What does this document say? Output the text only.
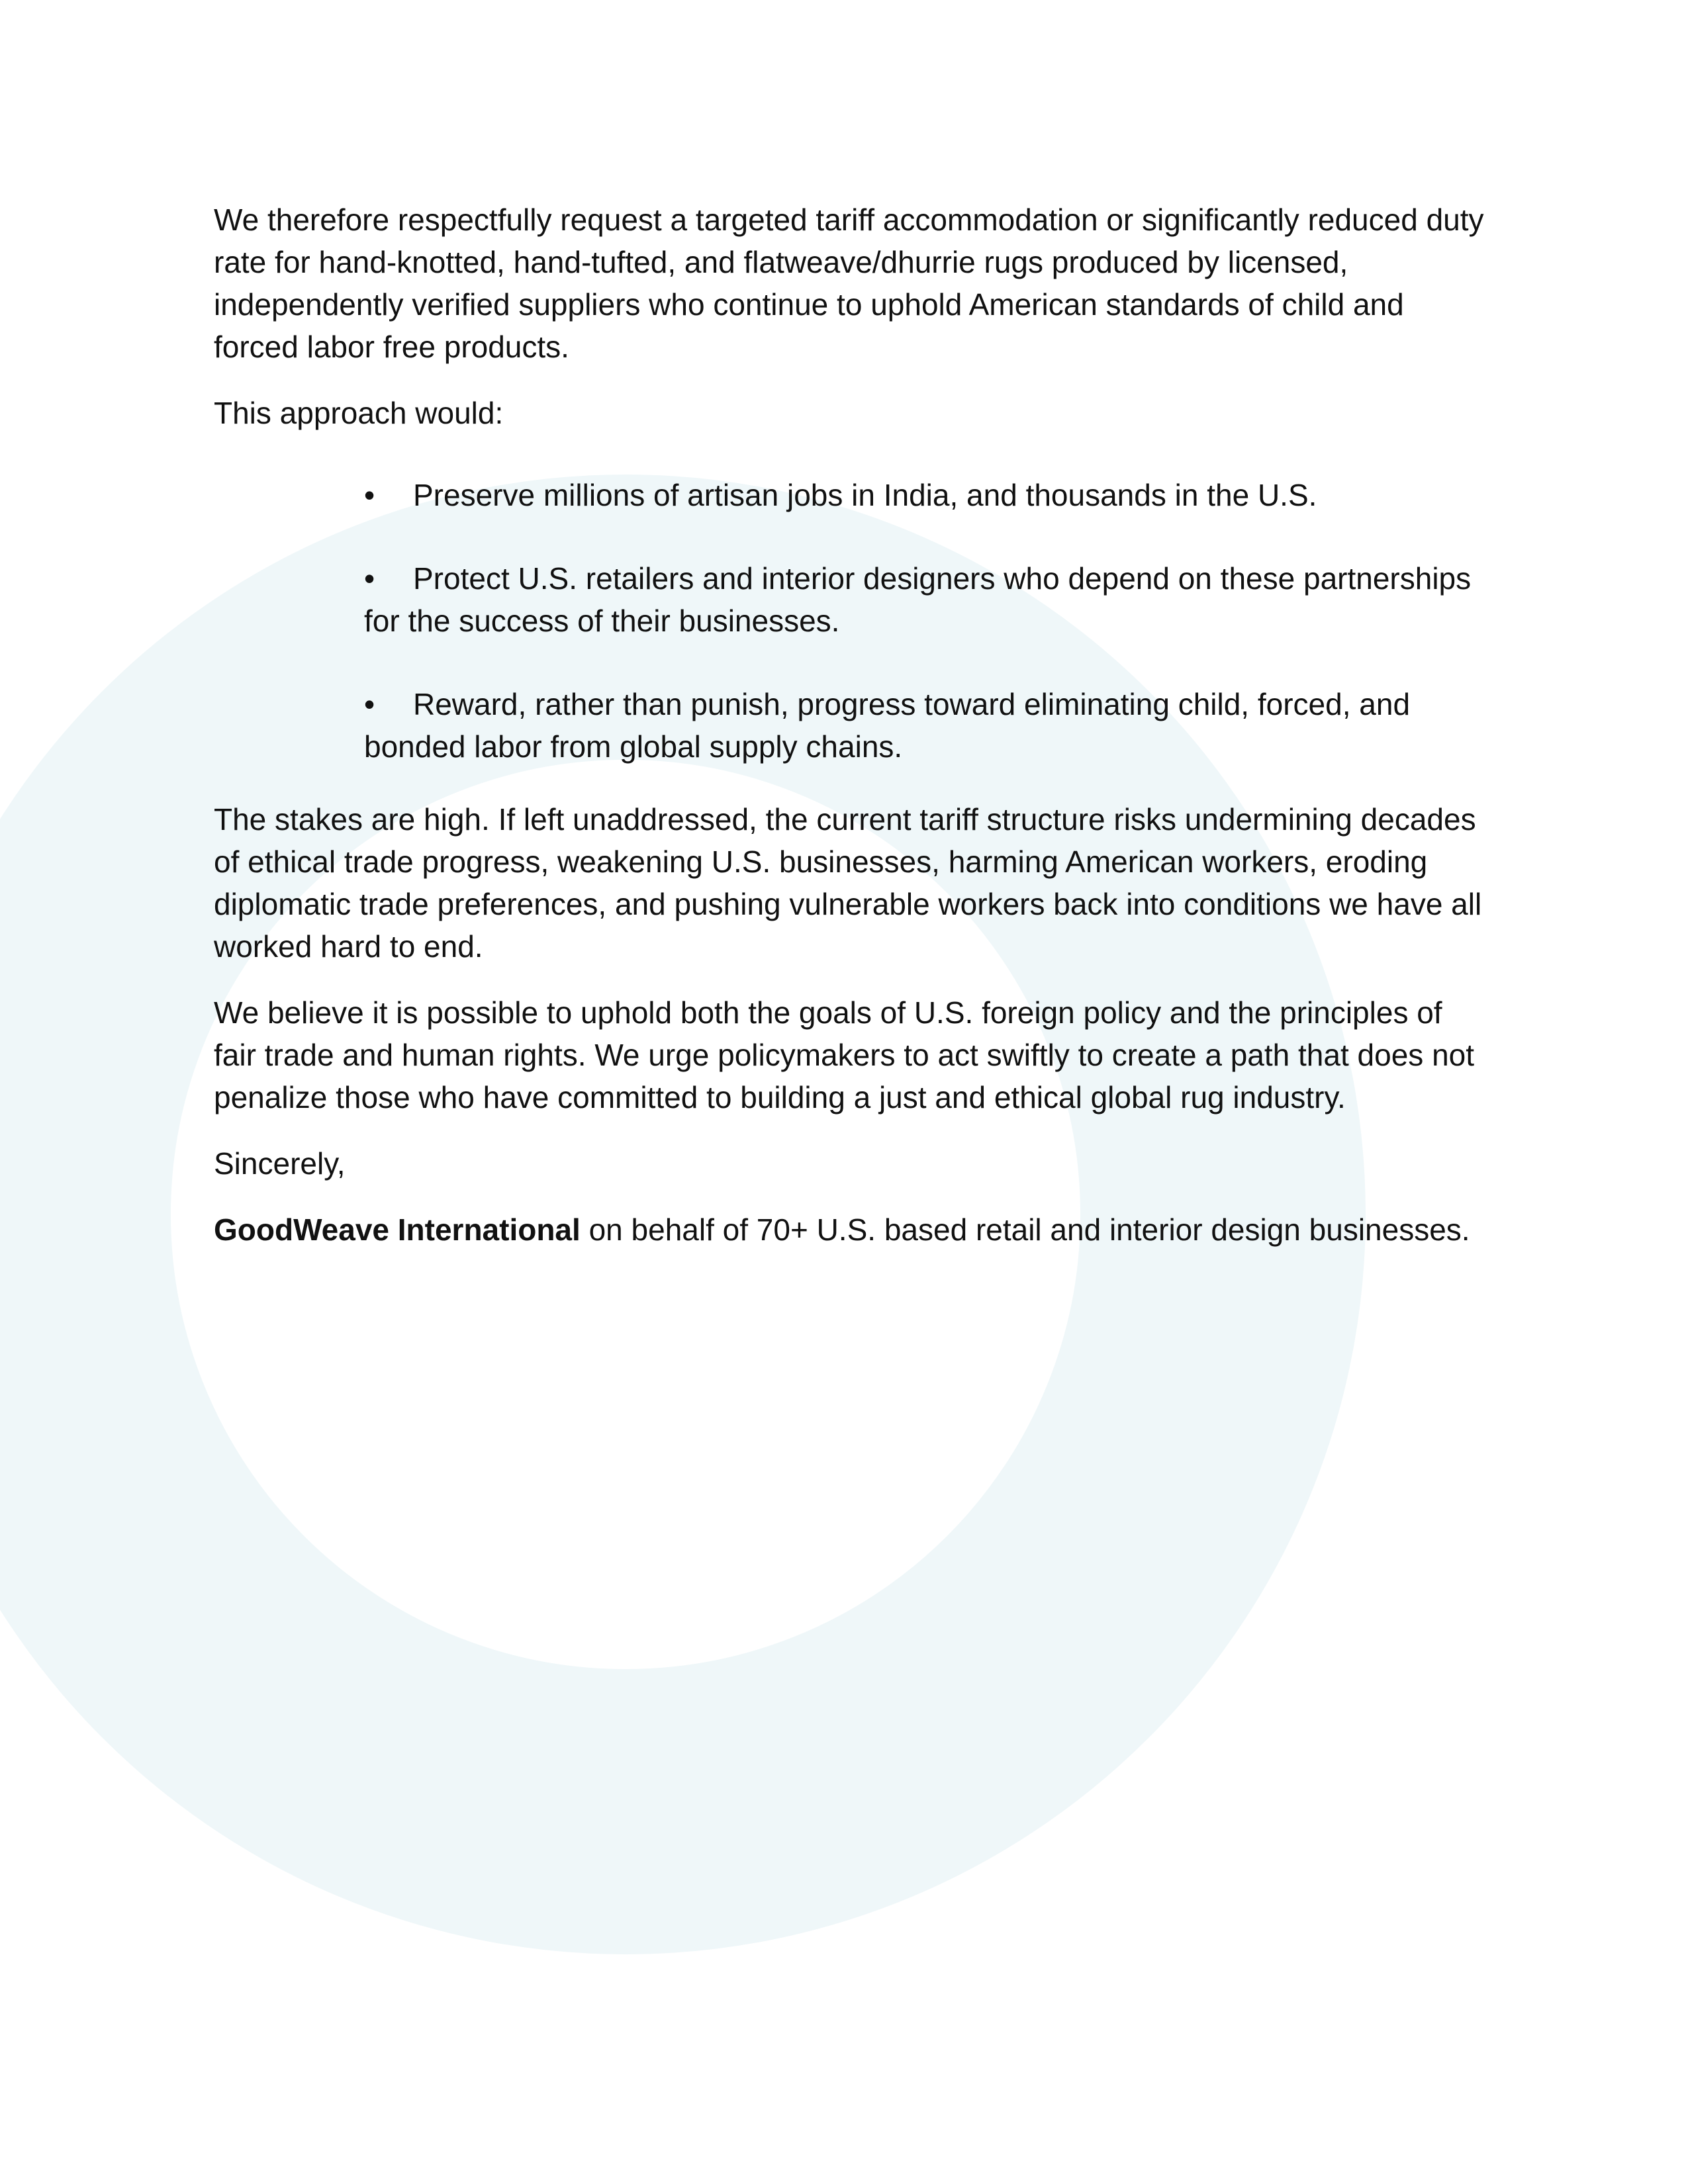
We therefore respectfully request a targeted tariff accommodation or significantly reduced duty rate for hand-knotted, hand-tufted, and flatweave/dhurrie rugs produced by licensed, independently verified suppliers who continue to uphold American standards of child and forced labor free products.

This approach would:

• Preserve millions of artisan jobs in India, and thousands in the U.S.
• Protect U.S. retailers and interior designers who depend on these partnerships for the success of their businesses.
• Reward, rather than punish, progress toward eliminating child, forced, and bonded labor from global supply chains.

The stakes are high. If left unaddressed, the current tariff structure risks undermining decades of ethical trade progress, weakening U.S. businesses, harming American workers, eroding diplomatic trade preferences, and pushing vulnerable workers back into conditions we have all worked hard to end.

We believe it is possible to uphold both the goals of U.S. foreign policy and the principles of fair trade and human rights. We urge policymakers to act swiftly to create a path that does not penalize those who have committed to building a just and ethical global rug industry.

Sincerely,

GoodWeave International on behalf of 70+ U.S. based retail and interior design businesses.
